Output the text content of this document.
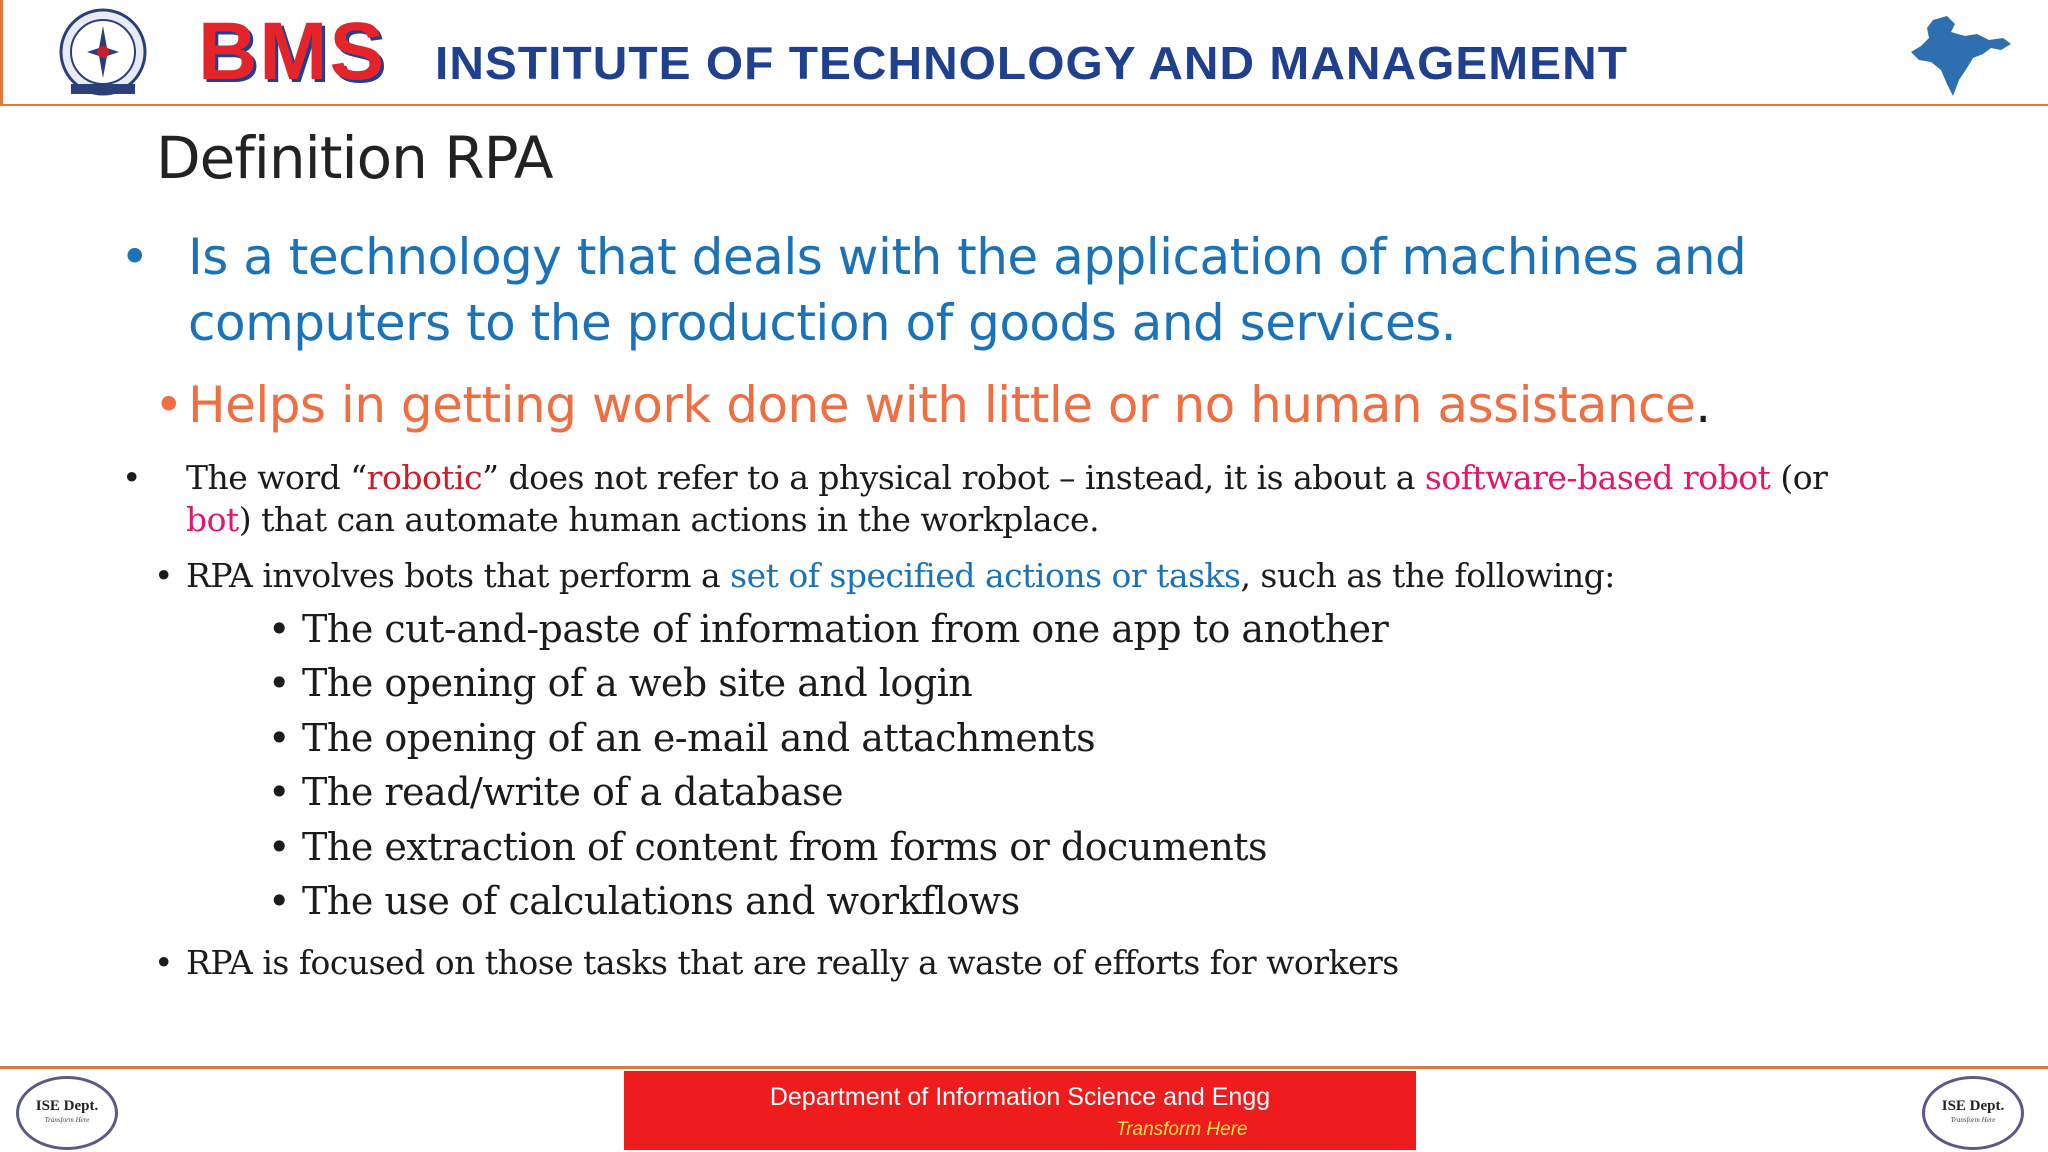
BMS INSTITUTE OF TECHNOLOGY AND MANAGEMENT
Definition RPA
• Is a technology that deals with the application of machines and computers to the production of goods and services.
• Helps in getting work done with little or no human assistance.
• The word “robotic” does not refer to a physical robot – instead, it is about a software-based robot (or bot) that can automate human actions in the workplace.
• RPA involves bots that perform a set of specified actions or tasks, such as the following:
• The cut-and-paste of information from one app to another
• The opening of a web site and login
• The opening of an e-mail and attachments
• The read/write of a database
• The extraction of content from forms or documents
• The use of calculations and workflows
• RPA is focused on those tasks that are really a waste of efforts for workers
ISE Dept.
Transform Here
Department of Information Science and Engg
Transform Here
ISE Dept.
Transform Here
